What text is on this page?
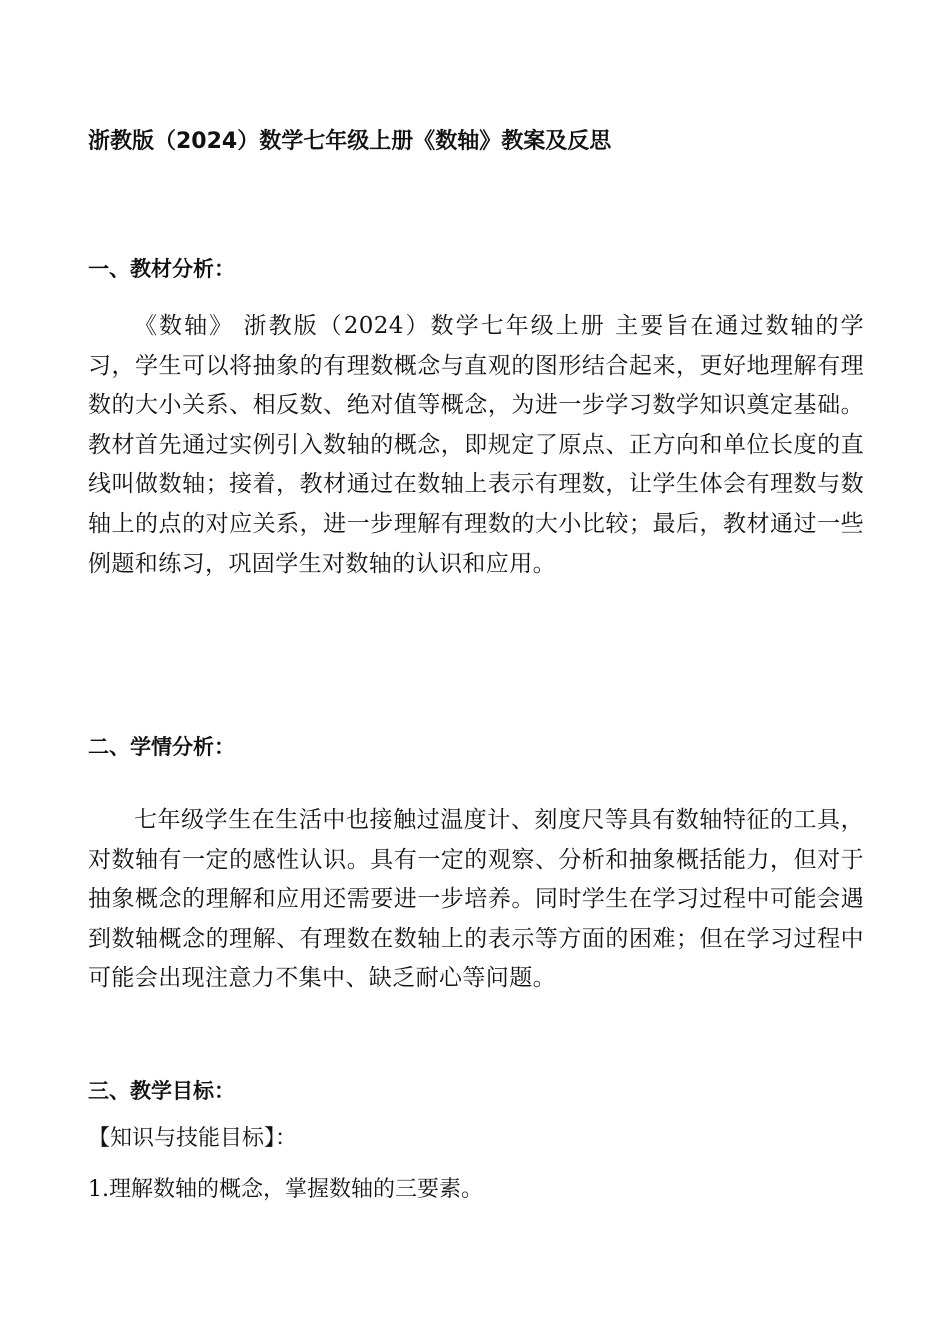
浙教版（2024）数学七年级上册《数轴》教案及反思
一、教材分析：

《数轴》 浙教版（2024）数学七年级上册 主要旨在通过数轴的学习，学生可以将抽象的有理数概念与直观的图形结合起来，更好地理解有理数的大小关系、相反数、绝对值等概念，为进一步学习数学知识奠定基础。教材首先通过实例引入数轴的概念，即规定了原点、正方向和单位长度的直线叫做数轴；接着，教材通过在数轴上表示有理数，让学生体会有理数与数轴上的点的对应关系，进一步理解有理数的大小比较；最后，教材通过一些例题和练习，巩固学生对数轴的认识和应用。

二、学情分析：

七年级学生在生活中也接触过温度计、刻度尺等具有数轴特征的工具，对数轴有一定的感性认识。具有一定的观察、分析和抽象概括能力，但对于抽象概念的理解和应用还需要进一步培养。同时学生在学习过程中可能会遇到数轴概念的理解、有理数在数轴上的表示等方面的困难；但在学习过程中可能会出现注意力不集中、缺乏耐心等问题。

三、教学目标：
【知识与技能目标】：
1.理解数轴的概念，掌握数轴的三要素。
